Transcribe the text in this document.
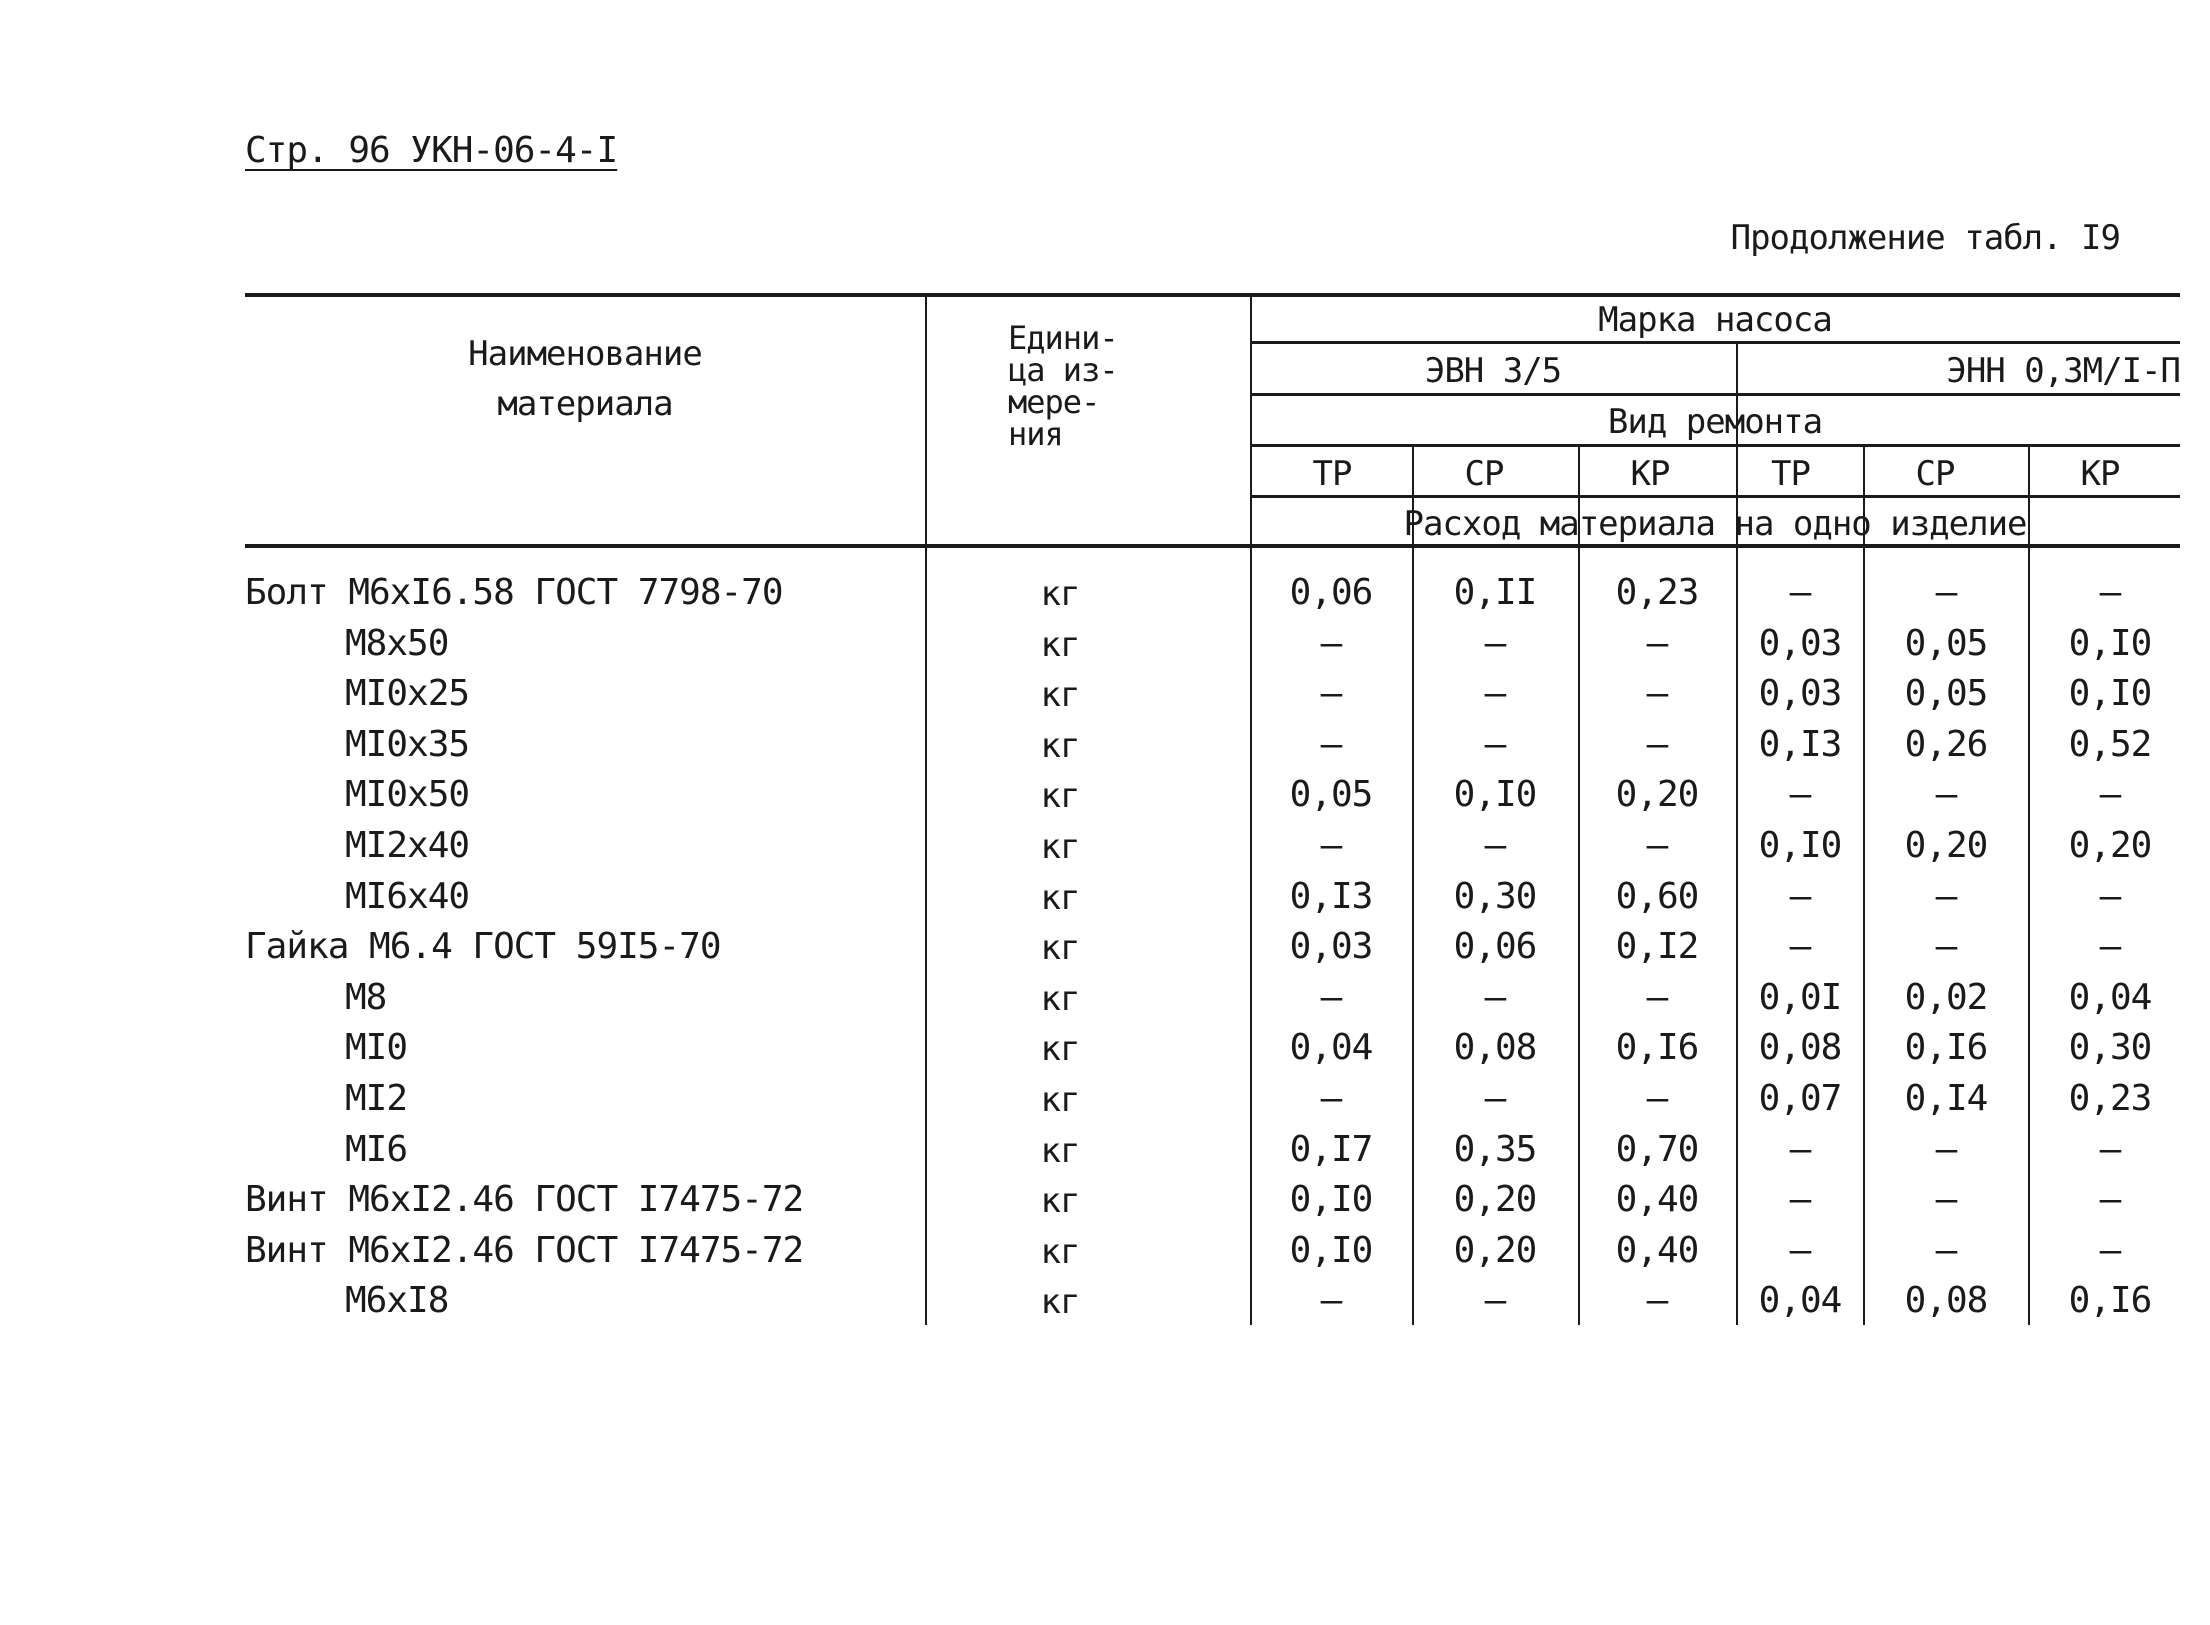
Стр. 96 УКН-06-4-I
Продолжение табл. I9
Наименование
материала
Едини-
ца из-
мере-
ния
Марка насоса
ЭВН 3/5	ЭНН 0,3М/I-П
Вид ремонта
ТР	СР	КР	ТР	СР	КР
Расход материала на одно изделие
Болт М6хI6.58 ГОСТ 7798-70	кг	0,06	0,II	0,23	–	–	–
М8х50	кг	–	–	–	0,03	0,05	0,I0
МI0х25	кг	–	–	–	0,03	0,05	0,I0
МI0х35	кг	–	–	–	0,I3	0,26	0,52
МI0х50	кг	0,05	0,I0	0,20	–	–	–
МI2х40	кг	–	–	–	0,I0	0,20	0,20
МI6х40	кг	0,I3	0,30	0,60	–	–	–
Гайка М6.4 ГОСТ 59I5-70	кг	0,03	0,06	0,I2	–	–	–
М8	кг	–	–	–	0,0I	0,02	0,04
МI0	кг	0,04	0,08	0,I6	0,08	0,I6	0,30
МI2	кг	–	–	–	0,07	0,I4	0,23
МI6	кг	0,I7	0,35	0,70	–	–	–
Винт М6хI2.46 ГОСТ I7475-72	кг	0,I0	0,20	0,40	–	–	–
Винт М6хI2.46 ГОСТ I7475-72	кг	0,I0	0,20	0,40	–	–	–
М6хI8	кг	–	–	–	0,04	0,08	0,I6
